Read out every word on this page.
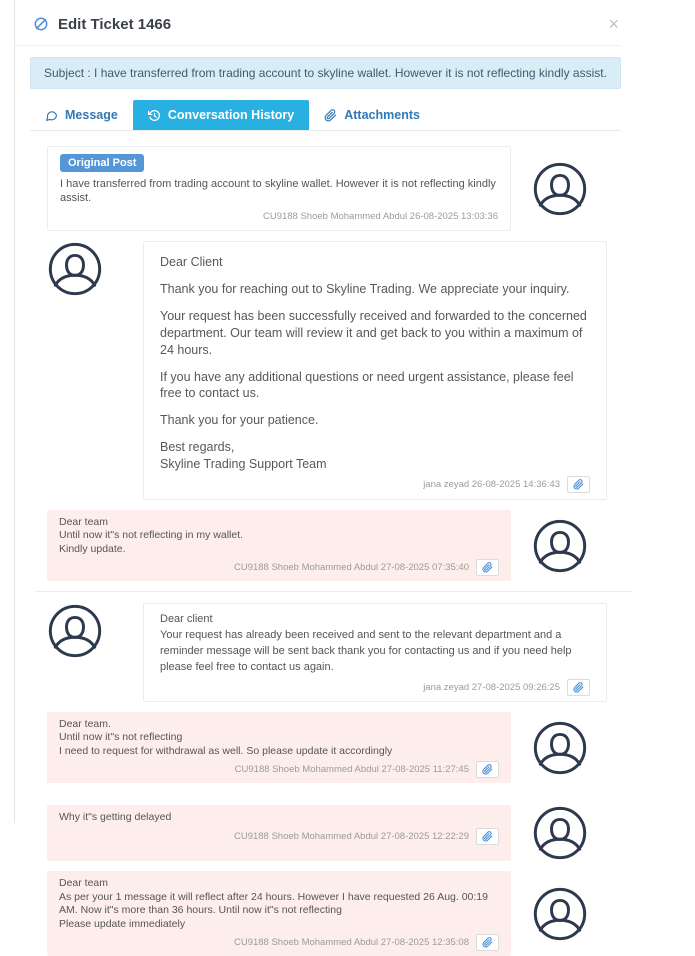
Edit Ticket 1466	×
Subject : I have transferred from trading account to skyline wallet. However it is not reflecting kindly assist.
Message	Conversation History	Attachments
Original Post
I have transferred from trading account to skyline wallet. However it is not reflecting kindly assist.
CU9188 Shoeb Mohammed Abdul 26-08-2025 13:03:36

Dear Client

Thank you for reaching out to Skyline Trading. We appreciate your inquiry.

Your request has been successfully received and forwarded to the concerned department. Our team will review it and get back to you within a maximum of 24 hours.

If you have any additional questions or need urgent assistance, please feel free to contact us.

Thank you for your patience.

Best regards,

Skyline Trading Support Team

jana zeyad 26-08-2025 14:36:43
Dear team
Until now it"s not reflecting in my wallet.
Kindly update.
CU9188 Shoeb Mohammed Abdul 27-08-2025 07:35:40
Dear client
Your request has already been received and sent to the relevant department and a reminder message will be sent back thank you for contacting us and if you need help please feel free to contact us again.
jana zeyad 27-08-2025 09:26:25
Dear team.
Until now it"s not reflecting
I need to request for withdrawal as well. So please update it accordingly
CU9188 Shoeb Mohammed Abdul 27-08-2025 11:27:45
Why it"s getting delayed
CU9188 Shoeb Mohammed Abdul 27-08-2025 12:22:29
Dear team
As per your 1 message it will reflect after 24 hours. However I have requested 26 Aug. 00:19 AM. Now it"s more than 36 hours. Until now it"s not reflecting
Please update immediately
CU9188 Shoeb Mohammed Abdul 27-08-2025 12:35:08
